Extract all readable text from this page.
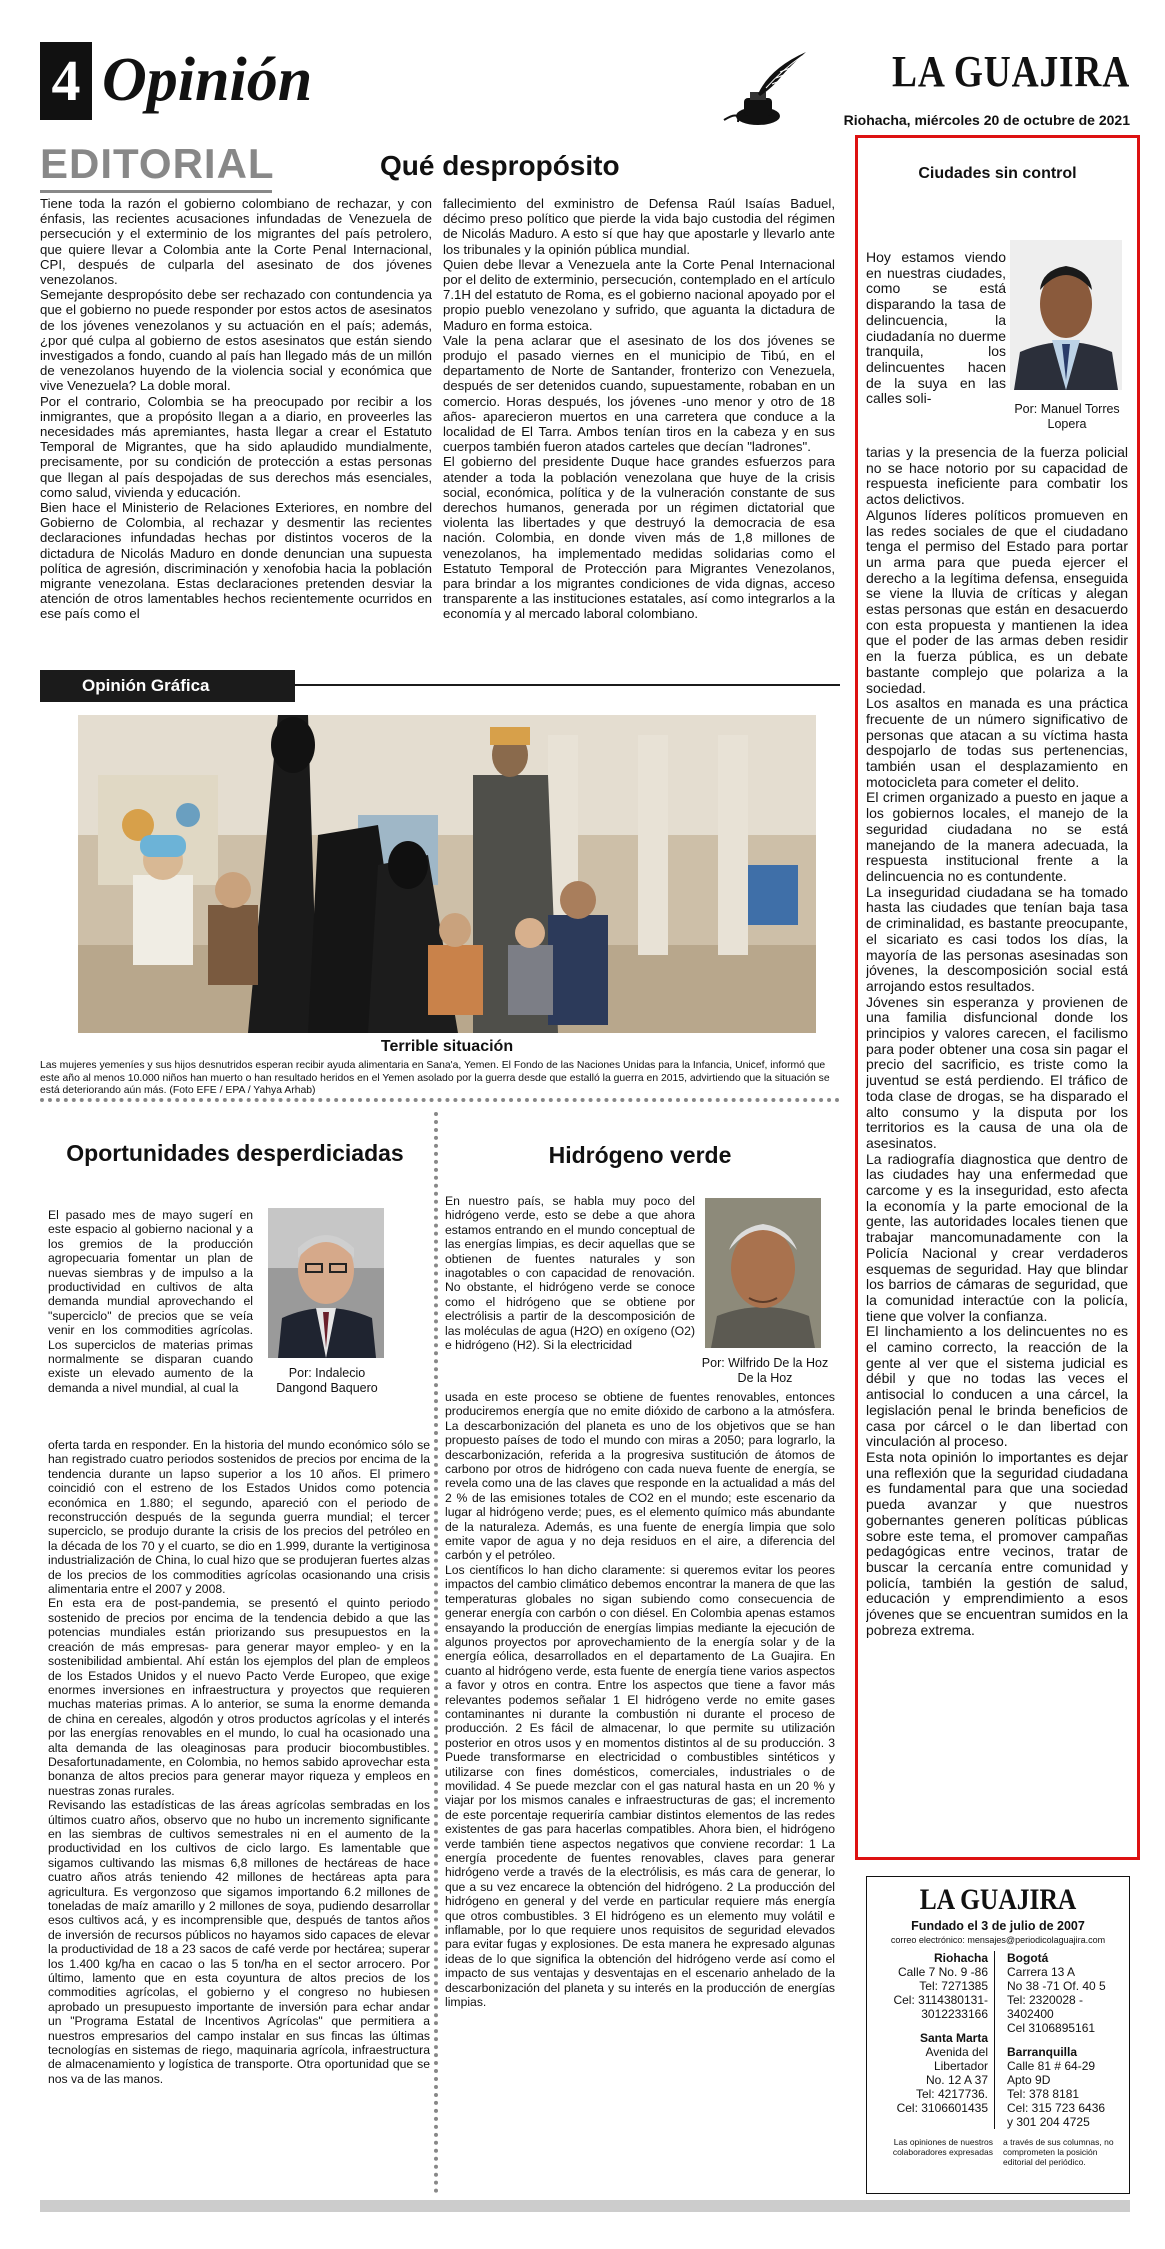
4 Opinión	LA GUAJIRA
Riohacha, miércoles 20 de octubre de 2021
EDITORIAL	Qué despropósito

Tiene toda la razón el gobierno colombiano de rechazar, y con énfasis, las recientes acusaciones infundadas de Venezuela de persecución y el exterminio de los migrantes del país petrolero, que quiere llevar a Colombia ante la Corte Penal Internacional, CPI, después de culparla del asesinato de dos jóvenes venezolanos.

Semejante despropósito debe ser rechazado con contundencia ya que el gobierno no puede responder por estos actos de asesinatos de los jóvenes venezolanos y su actuación en el país; además, ¿por qué culpa al gobierno de estos asesinatos que están siendo investigados a fondo, cuando al país han llegado más de un millón de venezolanos huyendo de la violencia social y económica que vive Venezuela? La doble moral.

Por el contrario, Colombia se ha preocupado por recibir a los inmigrantes, que a propósito llegan a a diario, en proveerles las necesidades más apremiantes, hasta llegar a crear el Estatuto Temporal de Migrantes, que ha sido aplaudido mundialmente, precisamente, por su condición de protección a estas personas que llegan al país despojadas de sus derechos más esenciales, como salud, vivienda y educación.

Bien hace el Ministerio de Relaciones Exteriores, en nombre del Gobierno de Colombia, al rechazar y desmentir las recientes declaraciones infundadas hechas por distintos voceros de la dictadura de Nicolás Maduro en donde denuncian una supuesta política de agresión, discriminación y xenofobia hacia la población migrante venezolana. Estas declaraciones pretenden desviar la atención de otros lamentables hechos recientemente ocurridos en ese país como el

fallecimiento del exministro de Defensa Raúl Isaías Baduel, décimo preso político que pierde la vida bajo custodia del régimen de Nicolás Maduro. A esto sí que hay que apostarle y llevarlo ante los tribunales y la opinión pública mundial.

Quien debe llevar a Venezuela ante la Corte Penal Internacional por el delito de exterminio, persecución, contemplado en el artículo 7.1H del estatuto de Roma, es el gobierno nacional apoyado por el propio pueblo venezolano y sufrido, que aguanta la dictadura de Maduro en forma estoica.

Vale la pena aclarar que el asesinato de los dos jóvenes se produjo el pasado viernes en el municipio de Tibú, en el departamento de Norte de Santander, fronterizo con Venezuela, después de ser detenidos cuando, supuestamente, robaban en un comercio. Horas después, los jóvenes -uno menor y otro de 18 años- aparecieron muertos en una carretera que conduce a la localidad de El Tarra. Ambos tenían tiros en la cabeza y en sus cuerpos también fueron atados carteles que decían "ladrones".

El gobierno del presidente Duque hace grandes esfuerzos para atender a toda la población venezolana que huye de la crisis social, económica, política y de la vulneración constante de sus derechos humanos, generada por un régimen dictatorial que violenta las libertades y que destruyó la democracia de esa nación. Colombia, en donde viven más de 1,8 millones de venezolanos, ha implementado medidas solidarias como el Estatuto Temporal de Protección para Migrantes Venezolanos, para brindar a los migrantes condiciones de vida dignas, acceso transparente a las instituciones estatales, así como integrarlos a la economía y al mercado laboral colombiano.

Opinión Gráfica
Terrible situación
Las mujeres yemeníes y sus hijos desnutridos esperan recibir ayuda alimentaria en Sana'a, Yemen. El Fondo de las Naciones Unidas para la Infancia, Unicef, informó que este año al menos 10.000 niños han muerto o han resultado heridos en el Yemen asolado por la guerra desde que estalló la guerra en 2015, advirtiendo que la situación se está deteriorando aún más. (Foto EFE / EPA / Yahya Arhab)
Oportunidades desperdiciadas
El pasado mes de mayo sugerí en este espacio al gobierno nacional y a los gremios de la producción agropecuaria fomentar un plan de nuevas siembras y de impulso a la productividad en cultivos de alta demanda mundial aprovechando el "superciclo" de precios que se veía venir en los commodities agrícolas. Los superciclos de materias primas normalmente se disparan cuando existe un elevado aumento de la demanda a nivel mundial, al cual la
Por: Indalecio Dangond Baquero

oferta tarda en responder. En la historia del mundo económico sólo se han registrado cuatro periodos sostenidos de precios por encima de la tendencia durante un lapso superior a los 10 años. El primero coincidió con el estreno de los Estados Unidos como potencia económica en 1.880; el segundo, apareció con el periodo de reconstrucción después de la segunda guerra mundial; el tercer superciclo, se produjo durante la crisis de los precios del petróleo en la década de los 70 y el cuarto, se dio en 1.999, durante la vertiginosa industrialización de China, lo cual hizo que se produjeran fuertes alzas de los precios de los commodities agrícolas ocasionando una crisis alimentaria entre el 2007 y 2008.

En esta era de post-pandemia, se presentó el quinto periodo sostenido de precios por encima de la tendencia debido a que las potencias mundiales están priorizando sus presupuestos en la creación de más empresas- para generar mayor empleo- y en la sostenibilidad ambiental. Ahí están los ejemplos del plan de empleos de los Estados Unidos y el nuevo Pacto Verde Europeo, que exige enormes inversiones en infraestructura y proyectos que requieren muchas materias primas. A lo anterior, se suma la enorme demanda de china en cereales, algodón y otros productos agrícolas y el interés por las energías renovables en el mundo, lo cual ha ocasionado una alta demanda de las oleaginosas para producir biocombustibles. Desafortunadamente, en Colombia, no hemos sabido aprovechar esta bonanza de altos precios para generar mayor riqueza y empleos en nuestras zonas rurales.

Revisando las estadísticas de las áreas agrícolas sembradas en los últimos cuatro años, observo que no hubo un incremento significante en las siembras de cultivos semestrales ni en el aumento de la productividad en los cultivos de ciclo largo. Es lamentable que sigamos cultivando las mismas 6,8 millones de hectáreas de hace cuatro años atrás teniendo 42 millones de hectáreas apta para agricultura. Es vergonzoso que sigamos importando 6.2 millones de toneladas de maíz amarillo y 2 millones de soya, pudiendo desarrollar esos cultivos acá, y es incomprensible que, después de tantos años de inversión de recursos públicos no hayamos sido capaces de elevar la productividad de 18 a 23 sacos de café verde por hectárea; superar los 1.400 kg/ha en cacao o las 5 ton/ha en el sector arrocero. Por último, lamento que en esta coyuntura de altos precios de los commodities agrícolas, el gobierno y el congreso no hubiesen aprobado un presupuesto importante de inversión para echar andar un "Programa Estatal de Incentivos Agrícolas" que permitiera a nuestros empresarios del campo instalar en sus fincas las últimas tecnologías en sistemas de riego, maquinaria agrícola, infraestructura de almacenamiento y logística de transporte. Otra oportunidad que se nos va de las manos.

Hidrógeno verde
En nuestro país, se habla muy poco del hidrógeno verde, esto se debe a que ahora estamos entrando en el mundo conceptual de las energías limpias, es decir aquellas que se obtienen de fuentes naturales y son inagotables o con capacidad de renovación. No obstante, el hidrógeno verde se conoce como el hidrógeno que se obtiene por electrólisis a partir de la descomposición de las moléculas de agua (H2O) en oxígeno (O2) e hidrógeno (H2). Si la electricidad
Por: Wilfrido De la Hoz De la Hoz

usada en este proceso se obtiene de fuentes renovables, entonces produciremos energía que no emite dióxido de carbono a la atmósfera. La descarbonización del planeta es uno de los objetivos que se han propuesto países de todo el mundo con miras a 2050; para lograrlo, la descarbonización, referida a la progresiva sustitución de átomos de carbono por otros de hidrógeno con cada nueva fuente de energía, se revela como una de las claves que responde en la actualidad a más del 2 % de las emisiones totales de CO2 en el mundo; este escenario da lugar al hidrógeno verde; pues, es el elemento químico más abundante de la naturaleza. Además, es una fuente de energía limpia que solo emite vapor de agua y no deja residuos en el aire, a diferencia del carbón y el petróleo.

Los científicos lo han dicho claramente: si queremos evitar los peores impactos del cambio climático debemos encontrar la manera de que las temperaturas globales no sigan subiendo como consecuencia de generar energía con carbón o con diésel. En Colombia apenas estamos ensayando la producción de energías limpias mediante la ejecución de algunos proyectos por aprovechamiento de la energía solar y de la energía eólica, desarrollados en el departamento de La Guajira. En cuanto al hidrógeno verde, esta fuente de energía tiene varios aspectos a favor y otros en contra. Entre los aspectos que tiene a favor más relevantes podemos señalar 1 El hidrógeno verde no emite gases contaminantes ni durante la combustión ni durante el proceso de producción. 2 Es fácil de almacenar, lo que permite su utilización posterior en otros usos y en momentos distintos al de su producción. 3 Puede transformarse en electricidad o combustibles sintéticos y utilizarse con fines domésticos, comerciales, industriales o de movilidad. 4 Se puede mezclar con el gas natural hasta en un 20 % y viajar por los mismos canales e infraestructuras de gas; el incremento de este porcentaje requeriría cambiar distintos elementos de las redes existentes de gas para hacerlas compatibles. Ahora bien, el hidrógeno verde también tiene aspectos negativos que conviene recordar: 1 La energía procedente de fuentes renovables, claves para generar hidrógeno verde a través de la electrólisis, es más cara de generar, lo que a su vez encarece la obtención del hidrógeno. 2 La producción del hidrógeno en general y del verde en particular requiere más energía que otros combustibles. 3 El hidrógeno es un elemento muy volátil e inflamable, por lo que requiere unos requisitos de seguridad elevados para evitar fugas y explosiones. De esta manera he expresado algunas ideas de lo que significa la obtención del hidrógeno verde así como el impacto de sus ventajas y desventajas en el escenario anhelado de la descarbonización del planeta y su interés en la producción de energías limpias.

Ciudades sin control
Hoy estamos viendo en nuestras ciudades, como se está disparando la tasa de delincuencia, la ciudadanía no duerme tranquila, los delincuentes hacen de la suya en las calles soli-
Por: Manuel Torres Lopera

tarias y la presencia de la fuerza policial no se hace notorio por su capacidad de respuesta ineficiente para combatir los actos delictivos.

Algunos líderes políticos promueven en las redes sociales de que el ciudadano tenga el permiso del Estado para portar un arma para que pueda ejercer el derecho a la legítima defensa, enseguida se viene la lluvia de críticas y alegan estas personas que están en desacuerdo con esta propuesta y mantienen la idea que el poder de las armas deben residir en la fuerza pública, es un debate bastante complejo que polariza a la sociedad.

Los asaltos en manada es una práctica frecuente de un número significativo de personas que atacan a su víctima hasta despojarlo de todas sus pertenencias, también usan el desplazamiento en motocicleta para cometer el delito.

El crimen organizado a puesto en jaque a los gobiernos locales, el manejo de la seguridad ciudadana no se está manejando de la manera adecuada, la respuesta institucional frente a la delincuencia no es contundente.

La inseguridad ciudadana se ha tomado hasta las ciudades que tenían baja tasa de criminalidad, es bastante preocupante, el sicariato es casi todos los días, la mayoría de las personas asesinadas son jóvenes, la descomposición social está arrojando estos resultados.

Jóvenes sin esperanza y provienen de una familia disfuncional donde los principios y valores carecen, el facilismo para poder obtener una cosa sin pagar el precio del sacrificio, es triste como la juventud se está perdiendo. El tráfico de toda clase de drogas, se ha disparado el alto consumo y la disputa por los territorios es la causa de una ola de asesinatos.

La radiografía diagnostica que dentro de las ciudades hay una enfermedad que carcome y es la inseguridad, esto afecta la economía y la parte emocional de la gente, las autoridades locales tienen que trabajar mancomunadamente con la Policía Nacional y crear verdaderos esquemas de seguridad. Hay que blindar los barrios de cámaras de seguridad, que la comunidad interactúe con la policía, tiene que volver la confianza.

El linchamiento a los delincuentes no es el camino correcto, la reacción de la gente al ver que el sistema judicial es débil y que no todas las veces el antisocial lo conducen a una cárcel, la legislación penal le brinda beneficios de casa por cárcel o le dan libertad con vinculación al proceso.

Esta nota opinión lo importantes es dejar una reflexión que la seguridad ciudadana es fundamental para que una sociedad pueda avanzar y que nuestros gobernantes generen políticas públicas sobre este tema, el promover campañas pedagógicas entre vecinos, tratar de buscar la cercanía entre comunidad y policía, también la gestión de salud, educación y emprendimiento a esos jóvenes que se encuentran sumidos en la pobreza extrema.

LA GUAJIRA
Fundado el 3 de julio de 2007
correo electrónico: mensajes@periodicolaguajira.com
Riohacha
Calle 7 No. 9 -86
Tel: 7271385
Cel: 3114380131-
3012233166
Santa Marta
Avenida del
Libertador
No. 12 A 37
Tel: 4217736.
Cel: 3106601435
Bogotá
Carrera 13 A
No 38 -71 Of. 40 5
Tel: 2320028 -
3402400
Cel 3106895161
Barranquilla
Calle 81 # 64-29
Apto 9D
Tel: 378 8181
Cel: 315 723 6436
y 301 204 4725
Las opiniones de nuestros colaboradores expresadas
a través de sus columnas, no comprometen la posición editorial del periódico.
